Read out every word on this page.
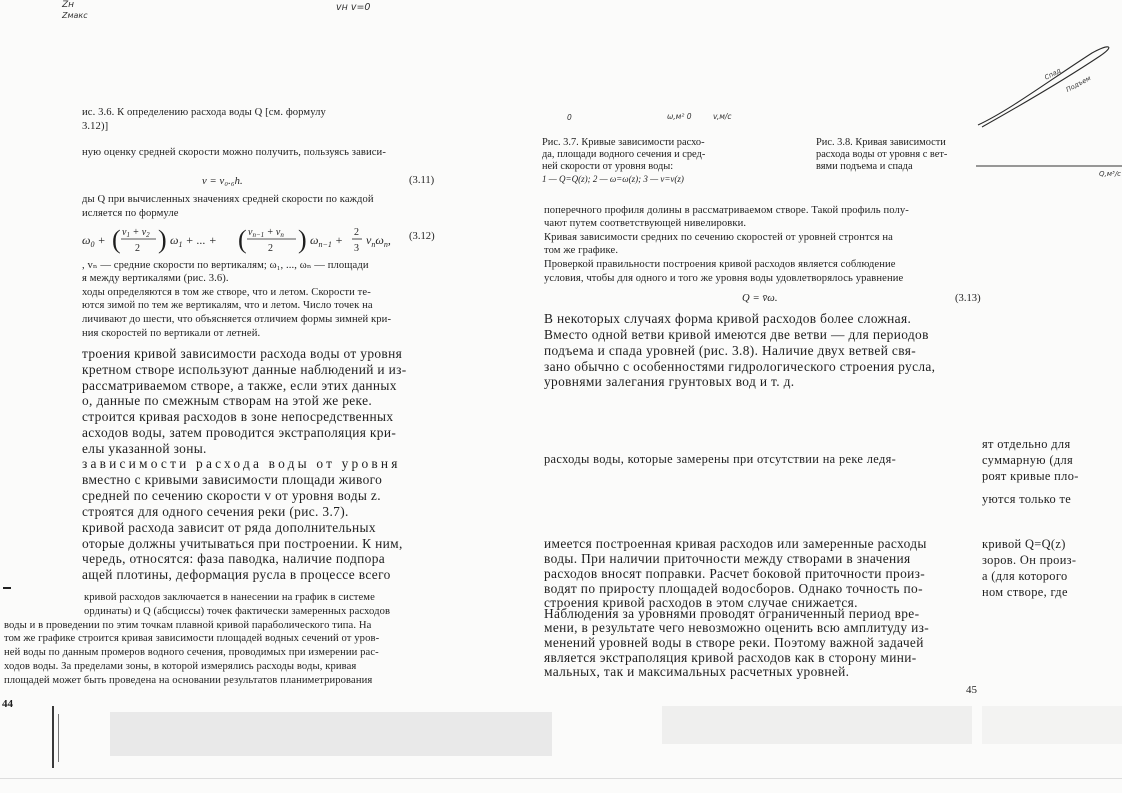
Zн
Zмакс
vн v=0
ис. 3.6. К определению расхода воды Q [см. формулу
3.12)]
ную оценку средней скорости можно получить, пользуясь зависи-
v = v₀.₆h.	(3.11)
ды Q при вычисленных значениях средней скорости по каждой
исляется по формуле
$\omega_0$ + ( $v_1 + v_2$
2 ) $\omega_1$ + ... + ( $v_{n-1} + v_n$
2 ) $\omega_{n-1}$ +
2
3
$v_n\omega_n$, (3.12)
, vₙ — средние скорости по вертикалям; ω₁, ..., ωₙ — площади
я между вертикалями (рис. 3.6).
ходы определяются в том же створе, что и летом. Скорости те-
ются зимой по тем же вертикалям, что и летом. Число точек на
личивают до шести, что объясняется отличием формы зимней кри-
ния скоростей по вертикали от летней.
троения кривой зависимости расхода воды от уровня
кретном створе используют данные наблюдений и из-
рассматриваемом створе, а также, если этих данных
о, данные по смежным створам на этой же реке.
строится кривая расходов в зоне непосредственных
асходов воды, затем проводится экстраполяция кри-
елы указанной зоны.
зависимости расхода воды от уровня
вместно с кривыми зависимости площади живого
средней по сечению скорости v от уровня воды z.
строятся для одного сечения реки (рис. 3.7).
кривой расхода зависит от ряда дополнительных
оторые должны учитываться при построении. К ним,
чередь, относятся: фаза паводка, наличие подпора
ащей плотины, деформация русла в процессе всего
кривой расходов заключается в нанесении на график в системе
ординаты) и Q (абсциссы) точек фактически замеренных расходов
воды и в проведении по этим точкам плавной кривой параболического типа. На
том же графике строится кривая зависимости площадей водных сечений от уров-
ней воды по данным промеров водного сечения, проводимых при измерении рас-
ходов воды. За пределами зоны, в которой измерялись расходы воды, кривая
площадей может быть проведена на основании результатов планиметрирования
44
0	ω,м² 0	v,м/с
Спад
Подъем
Q,м³/с
Рис. 3.7. Кривые зависимости расхо-
да, площади водного сечения и сред-
ней скорости от уровня воды:
1 — Q=Q(z); 2 — ω=ω(z); 3 — v=v(z)
Рис. 3.8. Кривая зависимости
расхода воды от уровня с вет-
вями подъема и спада
поперечного профиля долины в рассматриваемом створе. Такой профиль полу-
чают путем соответствующей нивелировки.
Кривая зависимости средних по сечению скоростей от уровней стронтся на
том же графике.
Проверкой правильности построения кривой расходов является соблюдение
условия, чтобы для одного и того же уровня воды удовлетворялось уравнение
Q = v̄ω.	(3.13)
В некоторых случаях форма кривой расходов более сложная.
Вместо одной ветви кривой имеются две ветви — для периодов
подъема и спада уровней (рис. 3.8). Наличие двух ветвей свя-
зано обычно с особенностями гидрологического строения русла,
уровнями залегания грунтовых вод и т. д.
расходы воды, которые замерены при отсутствии на реке ледя-
ят отдельно для
суммарную (для
роят кривые пло-
уются только те
кривой Q=Q(z)
зоров. Он произ-
а (для которого
ном створе, где
имеется построенная кривая расходов или замеренные расходы
воды. При наличии приточности между створами в значения
расходов вносят поправки. Расчет боковой приточности произ-
водят по приросту площадей водосборов. Однако точность по-
строения кривой расходов в этом случае снижается.
Наблюдения за уровнями проводят ограниченный период вре-
мени, в результате чего невозможно оценить всю амплитуду из-
менений уровней воды в створе реки. Поэтому важной задачей
является экстраполяция кривой расходов как в сторону мини-
мальных, так и максимальных расчетных уровней.
45
